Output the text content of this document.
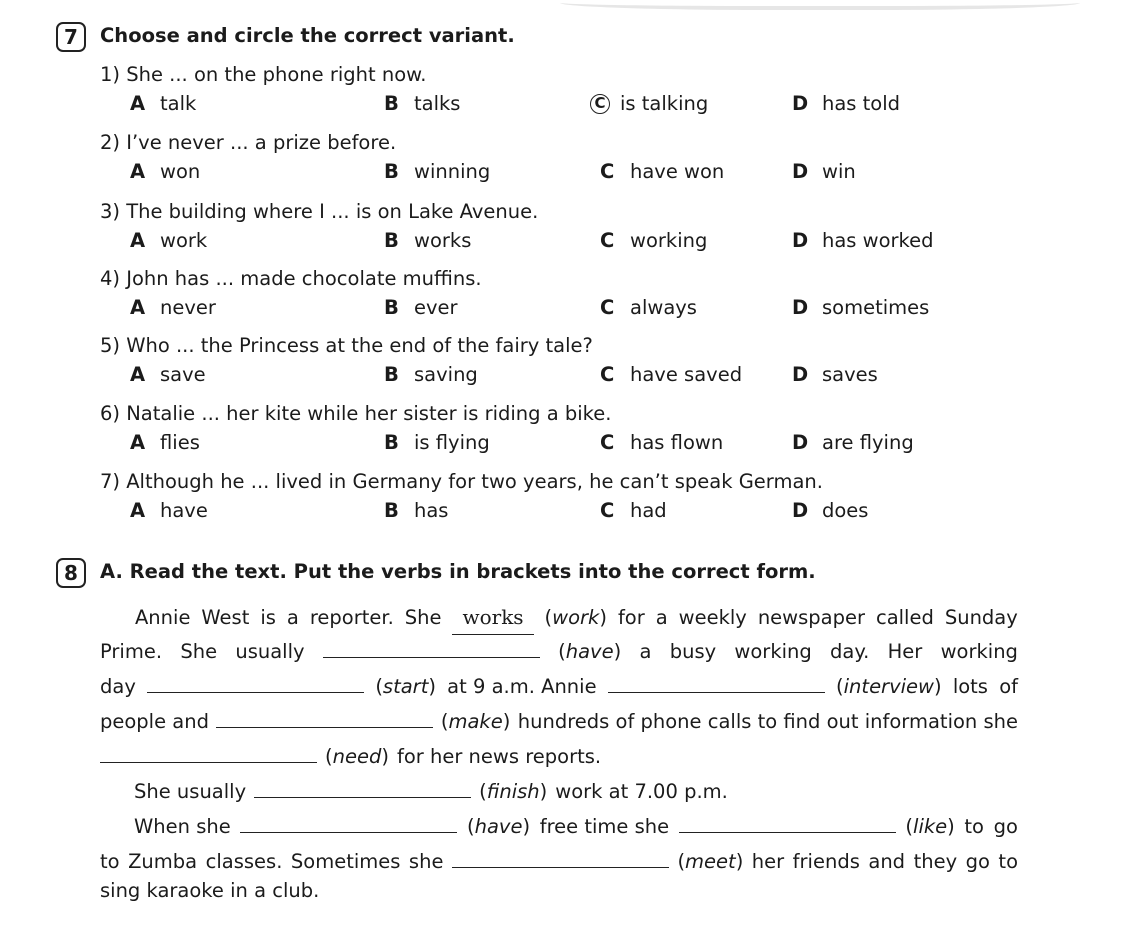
7	Choose and circle the correct variant.
1) She ... on the phone right now.
A talk	B talks	C is talking	D has told
2) I’ve never ... a prize before.
A won	B winning	C have won	D win
3) The building where I ... is on Lake Avenue.
A work	B works	C working	D has worked
4) John has ... made chocolate muffins.
A never	B ever	C always	D sometimes
5) Who ... the Princess at the end of the fairy tale?
A save	B saving	C have saved	D saves
6) Natalie ... her kite while her sister is riding a bike.
A flies	B is flying	C has flown	D are flying
7) Although he ... lived in Germany for two years, he can’t speak German.
A have	B has	C had	D does
8	A. Read the text. Put the verbs in brackets into the correct form.
Annie West is a reporter. She	works	(work) for a weekly newspaper called Sunday
Prime. She usually	(have) a busy working day. Her working
day	(start) at 9 a.m. Annie	(interview) lots of
people and	(make) hundreds of phone calls to find out information she
(need) for her news reports.
She usually	(finish) work at 7.00 p.m.
When she	(have) free time she	(like) to go
to Zumba classes. Sometimes she	(meet) her friends and they go to
sing karaoke in a club.
